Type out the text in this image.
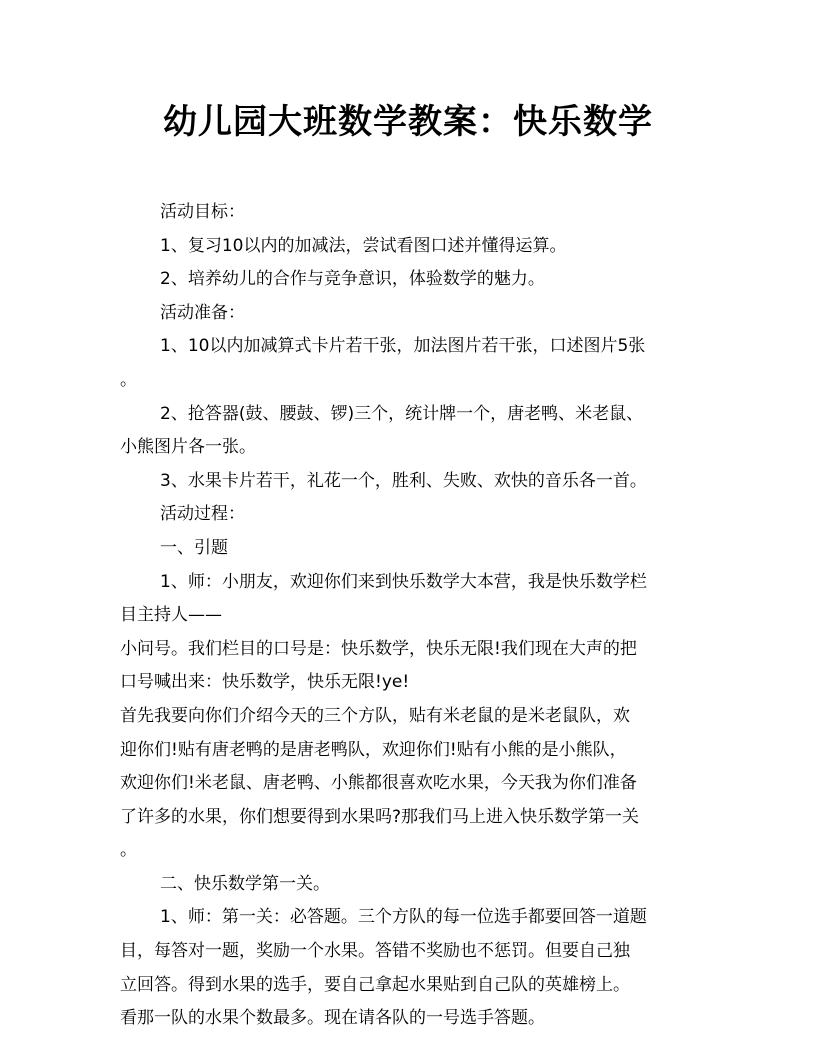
幼儿园大班数学教案：快乐数学
活动目标：
1、复习10以内的加减法，尝试看图口述并懂得运算。
2、培养幼儿的合作与竞争意识，体验数学的魅力。
活动准备：
1、10以内加减算式卡片若干张，加法图片若干张，口述图片5张
。
2、抢答器(鼓、腰鼓、锣)三个，统计牌一个，唐老鸭、米老鼠、
小熊图片各一张。
3、水果卡片若干，礼花一个，胜利、失败、欢快的音乐各一首。
活动过程：
一、引题
1、师：小朋友，欢迎你们来到快乐数学大本营，我是快乐数学栏
目主持人——
小问号。我们栏目的口号是：快乐数学，快乐无限!我们现在大声的把
口号喊出来：快乐数学，快乐无限!ye!
首先我要向你们介绍今天的三个方队，贴有米老鼠的是米老鼠队，欢
迎你们!贴有唐老鸭的是唐老鸭队，欢迎你们!贴有小熊的是小熊队，
欢迎你们!米老鼠、唐老鸭、小熊都很喜欢吃水果，今天我为你们准备
了许多的水果，你们想要得到水果吗?那我们马上进入快乐数学第一关
。
二、快乐数学第一关。
1、师：第一关：必答题。三个方队的每一位选手都要回答一道题
目，每答对一题，奖励一个水果。答错不奖励也不惩罚。但要自己独
立回答。得到水果的选手，要自己拿起水果贴到自己队的英雄榜上。
看那一队的水果个数最多。现在请各队的一号选手答题。
